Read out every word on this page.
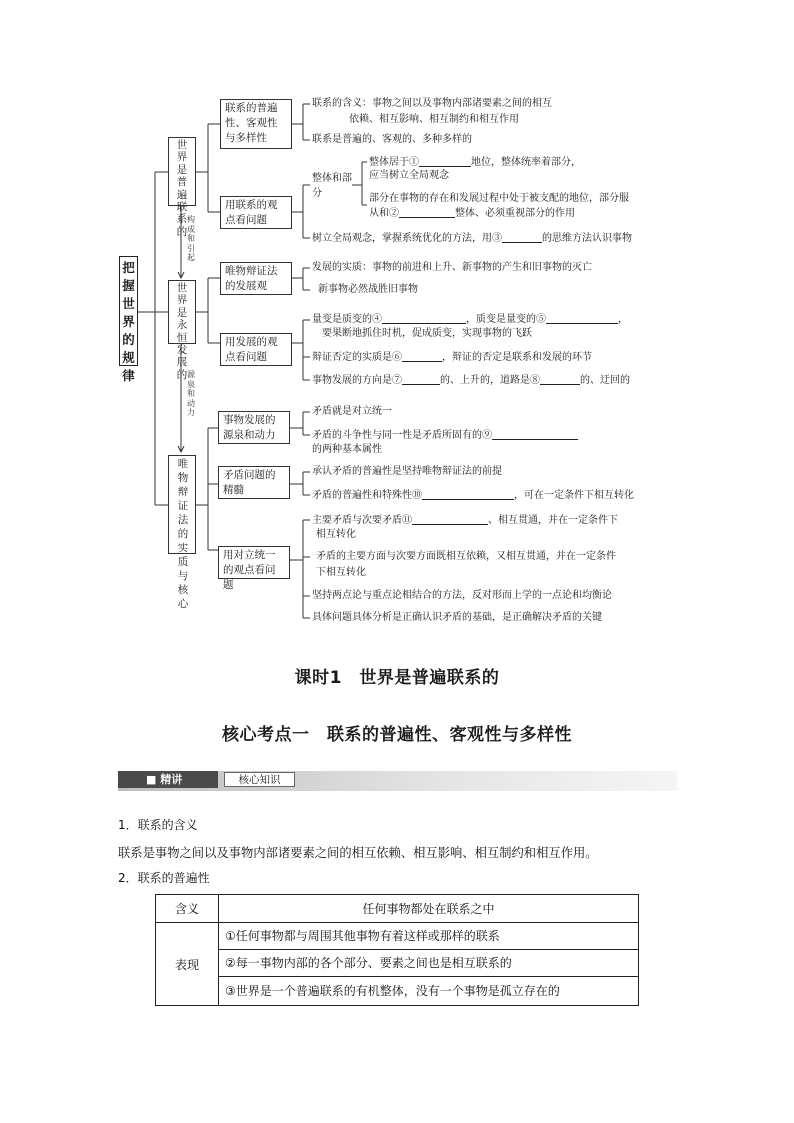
把握世界的规律
世界是普遍联系的
构成和引起
世界是永恒发展的 源泉和动力
唯物辩证法的实质与核心
联系的普遍性、客观性与多样性
用联系的观点看问题
唯物辩证法的发展观
用发展的观点看问题
事物发展的源泉和动力
矛盾问题的精髓
用对立统一的观点看问题
联系的含义：事物之间以及事物内部诸要素之间的相互
依赖、相互影响、相互制约和相互作用
联系是普遍的、客观的、多种多样的
整体和部分
整体居于①	地位，整体统率着部分，
应当树立全局观念
部分在事物的存在和发展过程中处于被支配的地位，部分服
从和②	整体、必须重视部分的作用
树立全局观念，掌握系统优化的方法，用③	的思维方法认识事物
发展的实质：事物的前进和上升、新事物的产生和旧事物的灭亡
新事物必然战胜旧事物
量变是质变的④	，质变是量变的⑤	，
要果断地抓住时机，促成质变，实现事物的飞跃
辩证否定的实质是⑥	，辩证的否定是联系和发展的环节
事物发展的方向是⑦	的、上升的，道路是⑧	的、迂回的
矛盾就是对立统一
矛盾的斗争性与同一性是矛盾所固有的⑨
的两种基本属性
承认矛盾的普遍性是坚持唯物辩证法的前提
矛盾的普遍性和特殊性⑩	，可在一定条件下相互转化
主要矛盾与次要矛盾⑪	、相互贯通，并在一定条件下
相互转化
矛盾的主要方面与次要方面既相互依赖，又相互贯通，并在一定条件
下相互转化
坚持两点论与重点论相结合的方法，反对形而上学的一点论和均衡论
具体问题具体分析是正确认识矛盾的基础，是正确解决矛盾的关键
课时1　世界是普遍联系的
核心考点一　联系的普遍性、客观性与多样性
■ 精讲	核心知识
1．联系的含义
联系是事物之间以及事物内部诸要素之间的相互依赖、相互影响、相互制约和相互作用。
2．联系的普遍性
含义	任何事物都处在联系之中
表现	①任何事物都与周围其他事物有着这样或那样的联系
②每一事物内部的各个部分、要素之间也是相互联系的
③世界是一个普遍联系的有机整体，没有一个事物是孤立存在的
